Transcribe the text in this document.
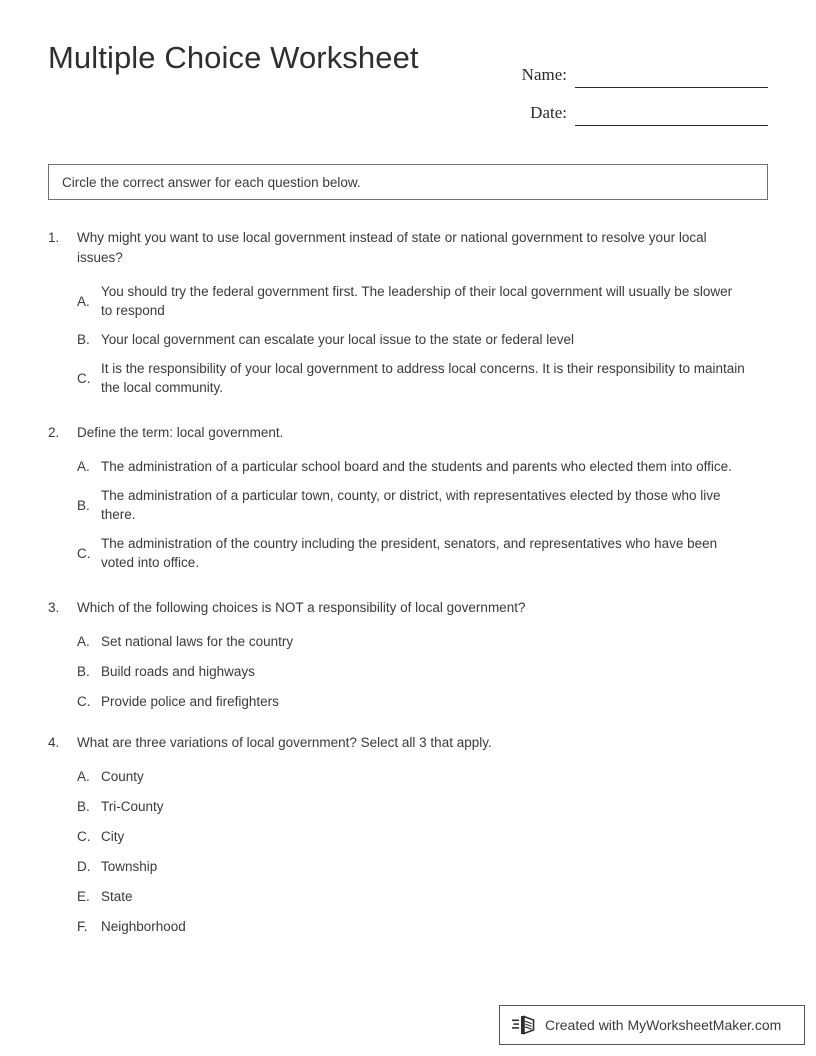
Multiple Choice Worksheet	Name:
Date:
Circle the correct answer for each question below.
1.	Why might you want to use local government instead of state or national government to resolve your local issues?
A.
You should try the federal government first. The leadership of their local government will usually be slower to respond
B. Your local government can escalate your local issue to the state or federal level
C.
It is the responsibility of your local government to address local concerns. It is their responsibility to maintain the local community.
2.	Define the term: local government.
A. The administration of a particular school board and the students and parents who elected them into office.
B.
The administration of a particular town, county, or district, with representatives elected by those who live there.
C.
The administration of the country including the president, senators, and representatives who have been voted into office.
3.	Which of the following choices is NOT a responsibility of local government?
A. Set national laws for the country
B. Build roads and highways
C. Provide police and firefighters
4.	What are three variations of local government? Select all 3 that apply.
A. County
B. Tri-County
C. City
D. Township
E. State
F. Neighborhood
Created with MyWorksheetMaker.com
